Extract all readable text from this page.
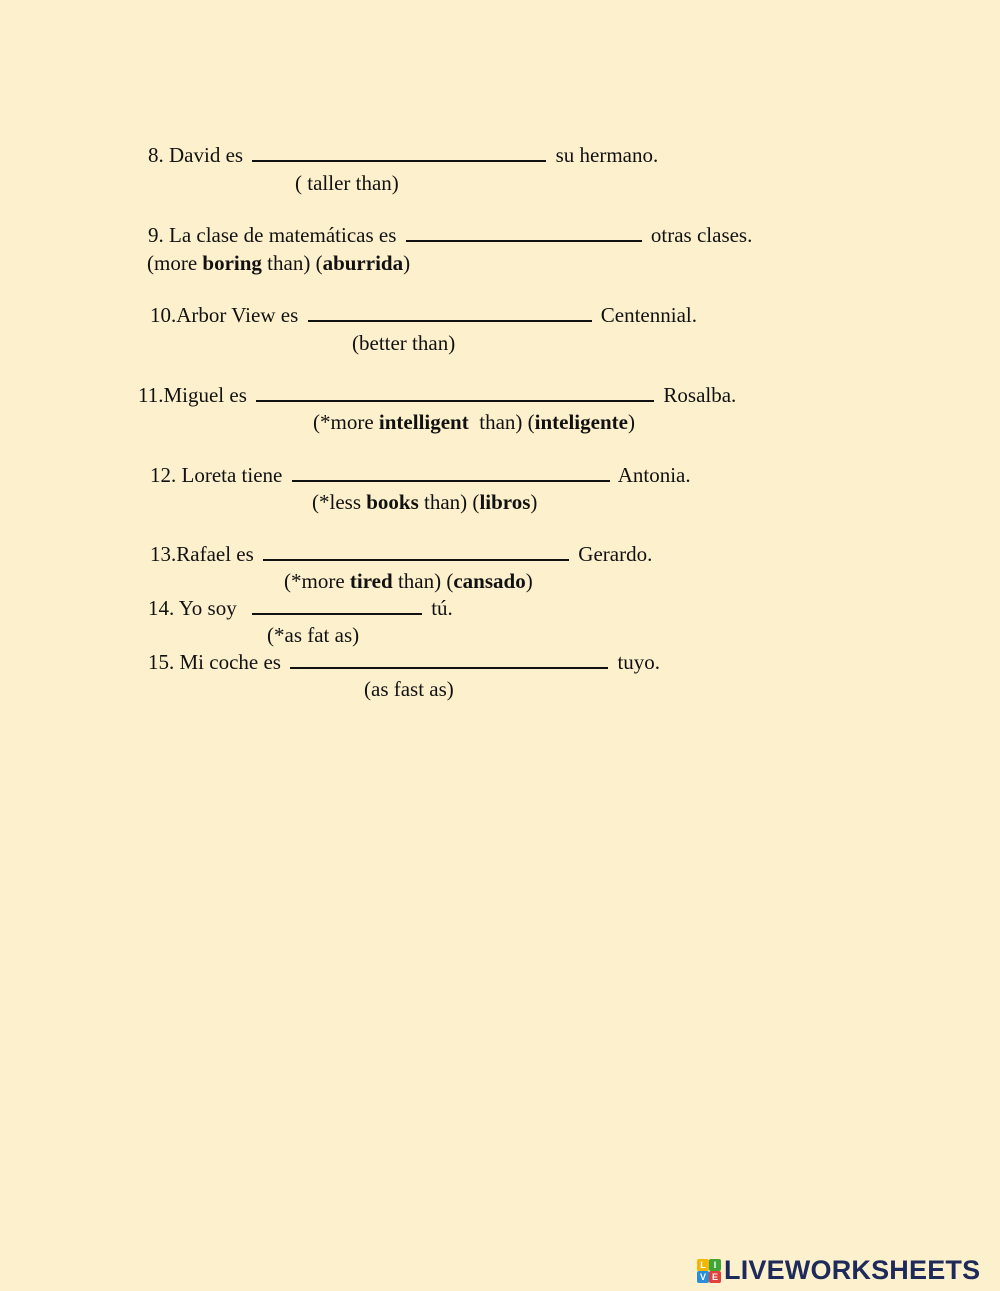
8. David es	su hermano.
( taller than)
9. La clase de matemáticas es	otras clases.
(more boring than) (aburrida)
10.Arbor View es	Centennial.
(better than)
11.Miguel es	Rosalba.
(*more intelligent  than) (inteligente)
12. Loreta tiene	Antonia.
(*less books than) (libros)
13.Rafael es	Gerardo.
(*more tired than) (cansado)
14. Yo soy	tú.
(*as fat as)
15. Mi coche es	tuyo.
(as fast as)
L I
V E LIVEWORKSHEETS
